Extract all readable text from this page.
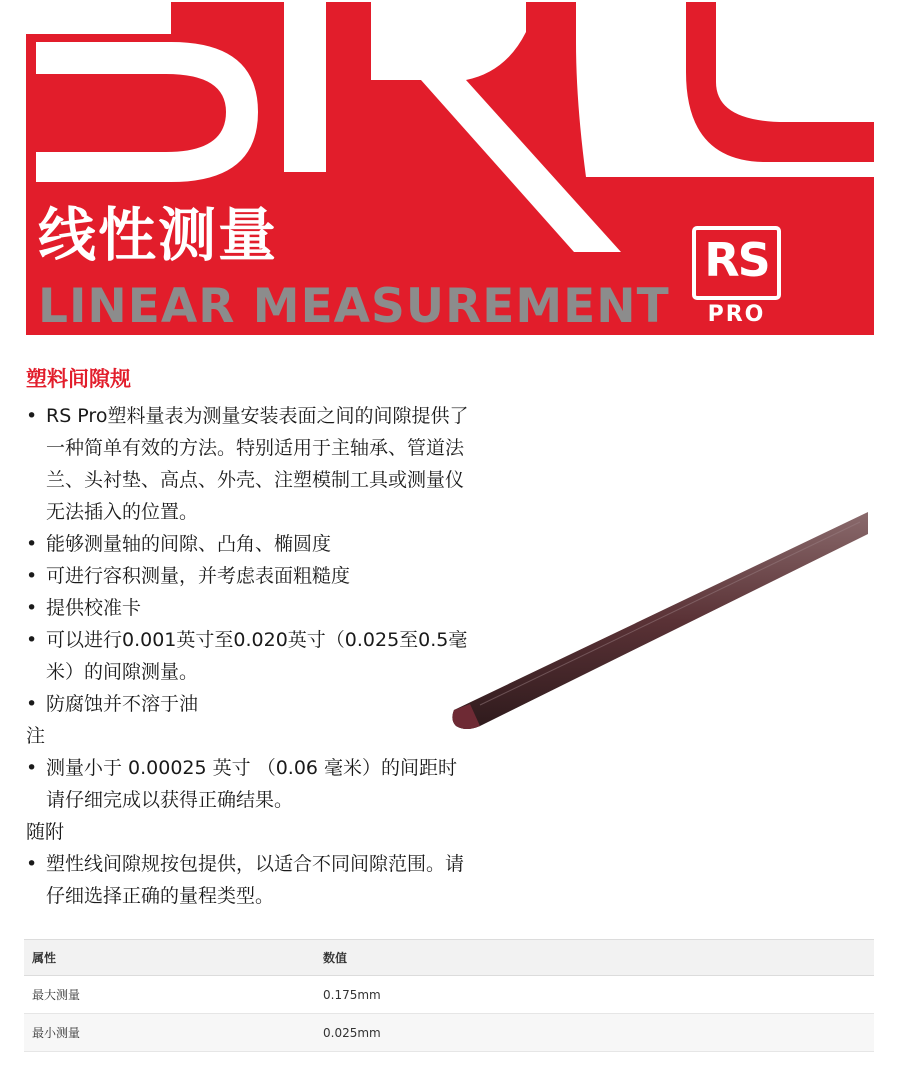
线性测量
LINEAR MEASUREMENT
RS
PRO
塑料间隙规
• RS Pro塑料量表为测量安装表面之间的间隙提供了一种简单有效的方法。特别适用于主轴承、管道法兰、头衬垫、高点、外壳、注塑模制工具或测量仪无法插入的位置。
• 能够测量轴的间隙、凸角、椭圆度
• 可进行容积测量，并考虑表面粗糙度
• 提供校准卡
• 可以进行0.001英寸至0.020英寸（0.025至0.5毫米）的间隙测量。
• 防腐蚀并不溶于油

注

• 测量小于 0.00025 英寸 （0.06 毫米）的间距时请仔细完成以获得正确结果。

随附

• 塑性线间隙规按包提供，以适合不同间隙范围。请仔细选择正确的量程类型。
属性	数值
最大测量	0.175mm
最小测量	0.025mm
